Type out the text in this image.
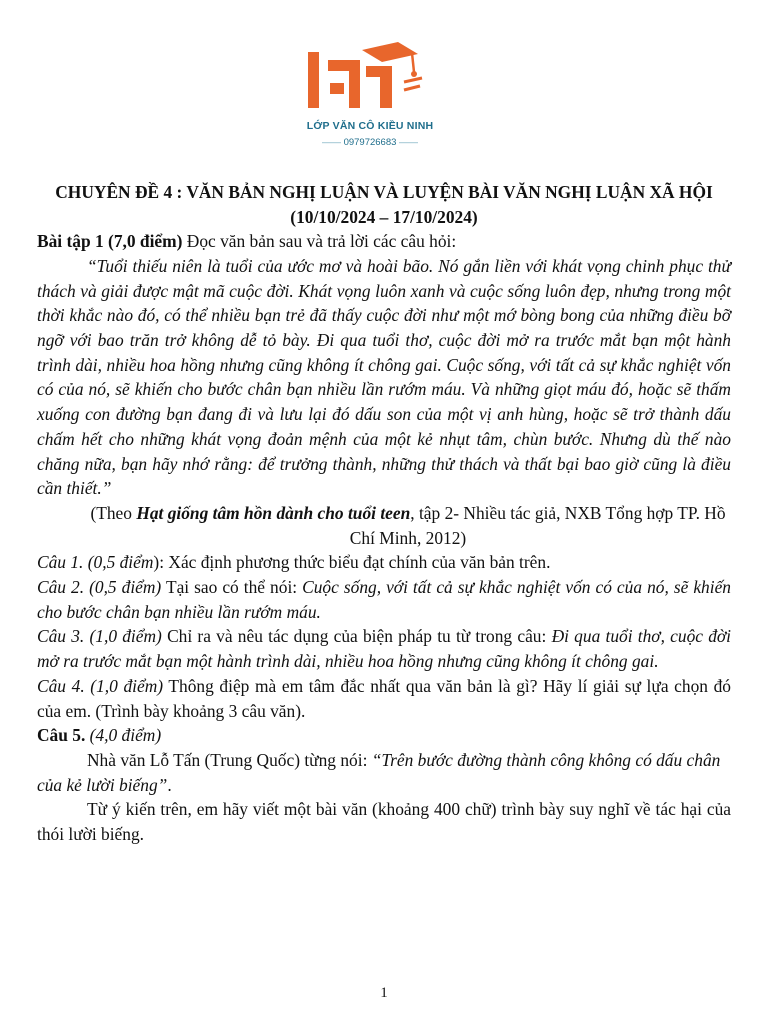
LỚP VĂN CÔ KIỀU NINH
—— 0979726683 ——
CHUYÊN ĐỀ 4 : VĂN BẢN NGHỊ LUẬN VÀ LUYỆN BÀI VĂN NGHỊ LUẬN XÃ HỘI (10/10/2024 – 17/10/2024)

Bài tập 1 (7,0 điểm) Đọc văn bản sau và trả lời các câu hỏi:

“Tuổi thiếu niên là tuổi của ước mơ và hoài bão. Nó gắn liền với khát vọng chinh phục thử thách và giải được mật mã cuộc đời. Khát vọng luôn xanh và cuộc sống luôn đẹp, nhưng trong một thời khắc nào đó, có thể nhiều bạn trẻ đã thấy cuộc đời như một mớ bòng bong của những điều bỡ ngỡ với bao trăn trở không dễ tỏ bày. Đi qua tuổi thơ, cuộc đời mở ra trước mắt bạn một hành trình dài, nhiều hoa hồng nhưng cũng không ít chông gai. Cuộc sống, với tất cả sự khắc nghiệt vốn có của nó, sẽ khiến cho bước chân bạn nhiều lần rướm máu. Và những giọt máu đó, hoặc sẽ thấm xuống con đường bạn đang đi và lưu lại đó dấu son của một vị anh hùng, hoặc sẽ trở thành dấu chấm hết cho những khát vọng đoản mệnh của một kẻ nhụt tâm, chùn bước. Nhưng dù thế nào chăng nữa, bạn hãy nhớ rằng: để trưởng thành, những thử thách và thất bại bao giờ cũng là điều cần thiết.”

(Theo Hạt giống tâm hồn dành cho tuổi teen, tập 2- Nhiều tác giả, NXB Tổng hợp TP. Hồ Chí Minh, 2012)

Câu 1. (0,5 điểm): Xác định phương thức biểu đạt chính của văn bản trên.

Câu 2. (0,5 điểm) Tại sao có thể nói: Cuộc sống, với tất cả sự khắc nghiệt vốn có của nó, sẽ khiến cho bước chân bạn nhiều lần rướm máu.

Câu 3. (1,0 điểm) Chỉ ra và nêu tác dụng của biện pháp tu từ trong câu: Đi qua tuổi thơ, cuộc đời mở ra trước mắt bạn một hành trình dài, nhiều hoa hồng nhưng cũng không ít chông gai.

Câu 4. (1,0 điểm) Thông điệp mà em tâm đắc nhất qua văn bản là gì? Hãy lí giải sự lựa chọn đó của em. (Trình bày khoảng 3 câu văn).

Câu 5. (4,0 điểm)

Nhà văn Lỗ Tấn (Trung Quốc) từng nói: “Trên bước đường thành công không có dấu chân của kẻ lười biếng”.

Từ ý kiến trên, em hãy viết một bài văn (khoảng 400 chữ) trình bày suy nghĩ về tác hại của thói lười biếng.

1
